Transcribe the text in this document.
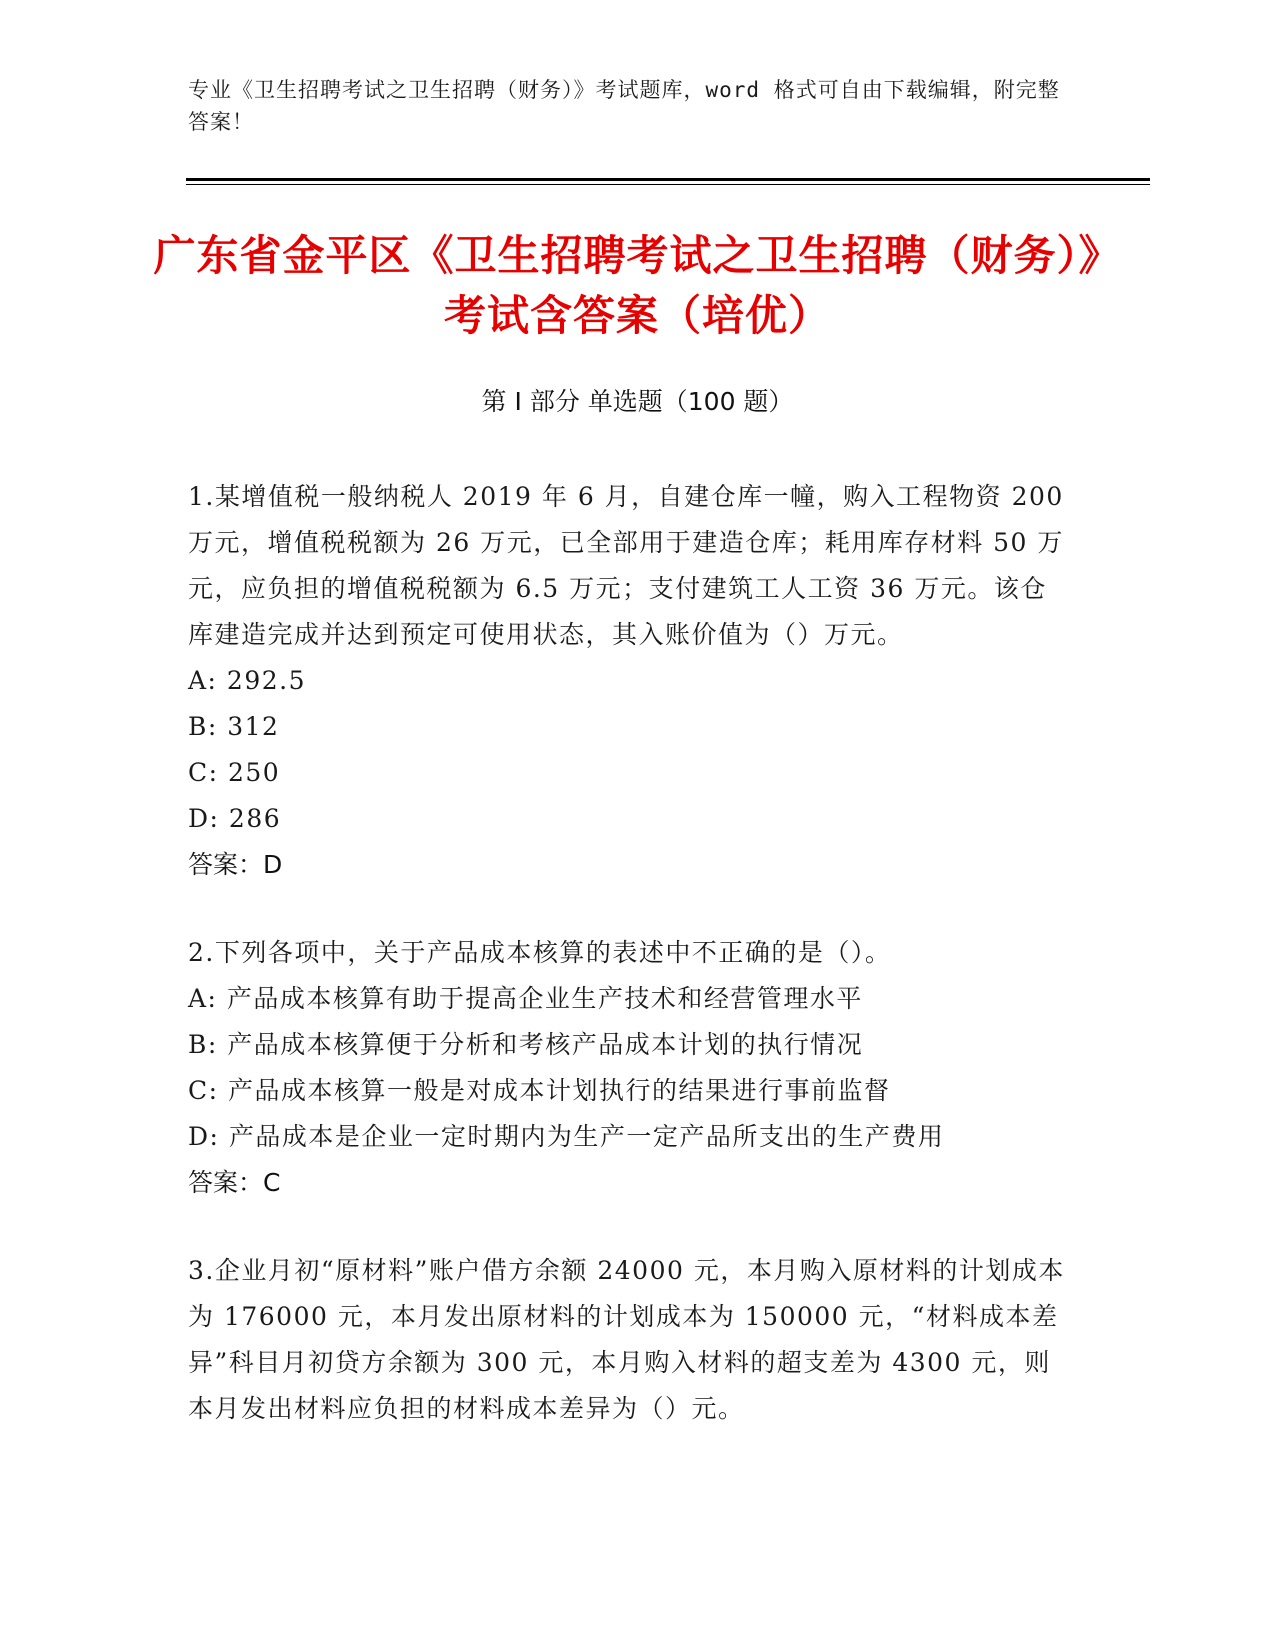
专业《卫生招聘考试之卫生招聘（财务）》考试题库，word 格式可自由下载编辑，附完整答案！
广东省金平区《卫生招聘考试之卫生招聘（财务）》考试含答案（培优）
第 I 部分 单选题（100 题）
1.某增值税一般纳税人 2019 年 6 月，自建仓库一幢，购入工程物资 200 万元，增值税税额为 26 万元，已全部用于建造仓库；耗用库存材料 50 万元，应负担的增值税税额为 6.5 万元；支付建筑工人工资 36 万元。该仓库建造完成并达到预定可使用状态，其入账价值为（）万元。
A: 292.5
B: 312
C: 250
D: 286
答案：D
2.下列各项中，关于产品成本核算的表述中不正确的是（）。
A: 产品成本核算有助于提高企业生产技术和经营管理水平
B: 产品成本核算便于分析和考核产品成本计划的执行情况
C: 产品成本核算一般是对成本计划执行的结果进行事前监督
D: 产品成本是企业一定时期内为生产一定产品所支出的生产费用
答案：C
3.企业月初“原材料”账户借方余额 24000 元，本月购入原材料的计划成本为 176000 元，本月发出原材料的计划成本为 150000 元，“材料成本差异”科目月初贷方余额为 300 元，本月购入材料的超支差为 4300 元，则本月发出材料应负担的材料成本差异为（）元。
